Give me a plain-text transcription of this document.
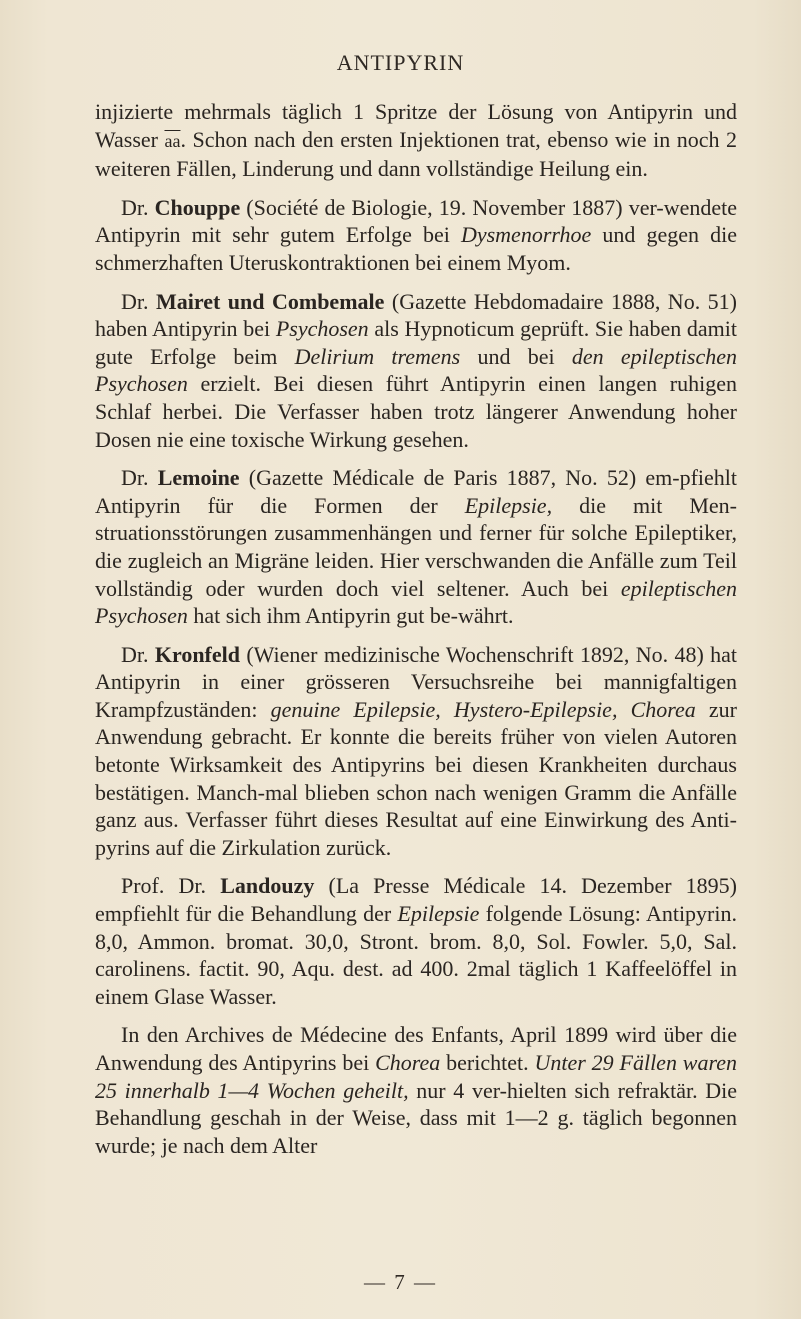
ANTIPYRIN

injizierte mehrmals täglich 1 Spritze der Lösung von Antipyrin und Wasser $\overline{aa}$. Schon nach den ersten Injektionen trat, ebenso wie in noch 2 weiteren Fällen, Linderung und dann vollständige Heilung ein.

Dr. Chouppe (Société de Biologie, 19. November 1887) ver-wendete Antipyrin mit sehr gutem Erfolge bei Dysmenorrhoe und gegen die schmerzhaften Uteruskontraktionen bei einem Myom.

Dr. Mairet und Combemale (Gazette Hebdomadaire 1888, No. 51) haben Antipyrin bei Psychosen als Hypnoticum geprüft. Sie haben damit gute Erfolge beim Delirium tremens und bei den epileptischen Psychosen erzielt. Bei diesen führt Antipyrin einen langen ruhigen Schlaf herbei. Die Verfasser haben trotz längerer Anwendung hoher Dosen nie eine toxische Wirkung gesehen.

Dr. Lemoine (Gazette Médicale de Paris 1887, No. 52) em-pfiehlt Antipyrin für die Formen der Epilepsie, die mit Men-struationsstörungen zusammenhängen und ferner für solche Epileptiker, die zugleich an Migräne leiden. Hier verschwanden die Anfälle zum Teil vollständig oder wurden doch viel seltener. Auch bei epileptischen Psychosen hat sich ihm Antipyrin gut be-währt.

Dr. Kronfeld (Wiener medizinische Wochenschrift 1892, No. 48) hat Antipyrin in einer grösseren Versuchsreihe bei mannigfaltigen Krampfzuständen: genuine Epilepsie, Hystero-Epilepsie, Chorea zur Anwendung gebracht. Er konnte die bereits früher von vielen Autoren betonte Wirksamkeit des Antipyrins bei diesen Krankheiten durchaus bestätigen. Manch-mal blieben schon nach wenigen Gramm die Anfälle ganz aus. Verfasser führt dieses Resultat auf eine Einwirkung des Anti-pyrins auf die Zirkulation zurück.

Prof. Dr. Landouzy (La Presse Médicale 14. Dezember 1895) empfiehlt für die Behandlung der Epilepsie folgende Lösung: Antipyrin. 8,0, Ammon. bromat. 30,0, Stront. brom. 8,0, Sol. Fowler. 5,0, Sal. carolinens. factit. 90, Aqu. dest. ad 400. 2mal täglich 1 Kaffeelöffel in einem Glase Wasser.

In den Archives de Médecine des Enfants, April 1899 wird über die Anwendung des Antipyrins bei Chorea berichtet. Unter 29 Fällen waren 25 innerhalb 1—4 Wochen geheilt, nur 4 ver-hielten sich refraktär. Die Behandlung geschah in der Weise, dass mit 1—2 g. täglich begonnen wurde; je nach dem Alter

— 7 —
